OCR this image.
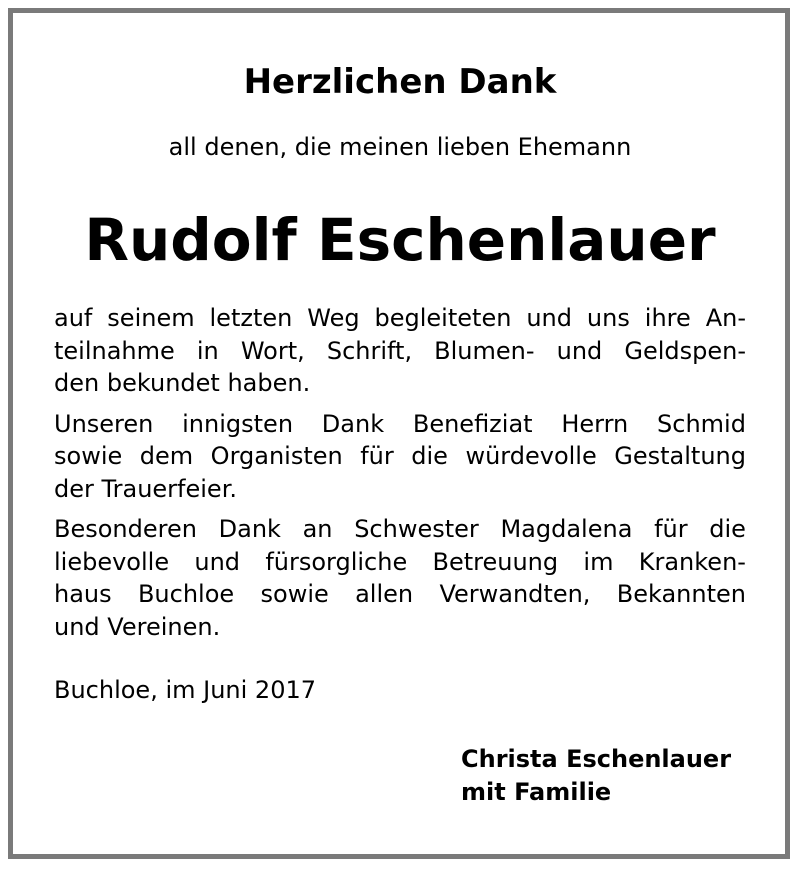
Herzlichen Dank
all denen, die meinen lieben Ehemann
Rudolf Eschenlauer

auf seinem letzten Weg begleiteten und uns ihre An-
teilnahme in Wort, Schrift, Blumen- und Geldspen-
den bekundet haben.

Unseren innigsten Dank Benefiziat Herrn Schmid
sowie dem Organisten für die würdevolle Gestaltung
der Trauerfeier.

Besonderen Dank an Schwester Magdalena für die
liebevolle und fürsorgliche Betreuung im Kranken-
haus Buchloe sowie allen Verwandten, Bekannten
und Vereinen.

Buchloe, im Juni 2017
Christa Eschenlauer
mit Familie
